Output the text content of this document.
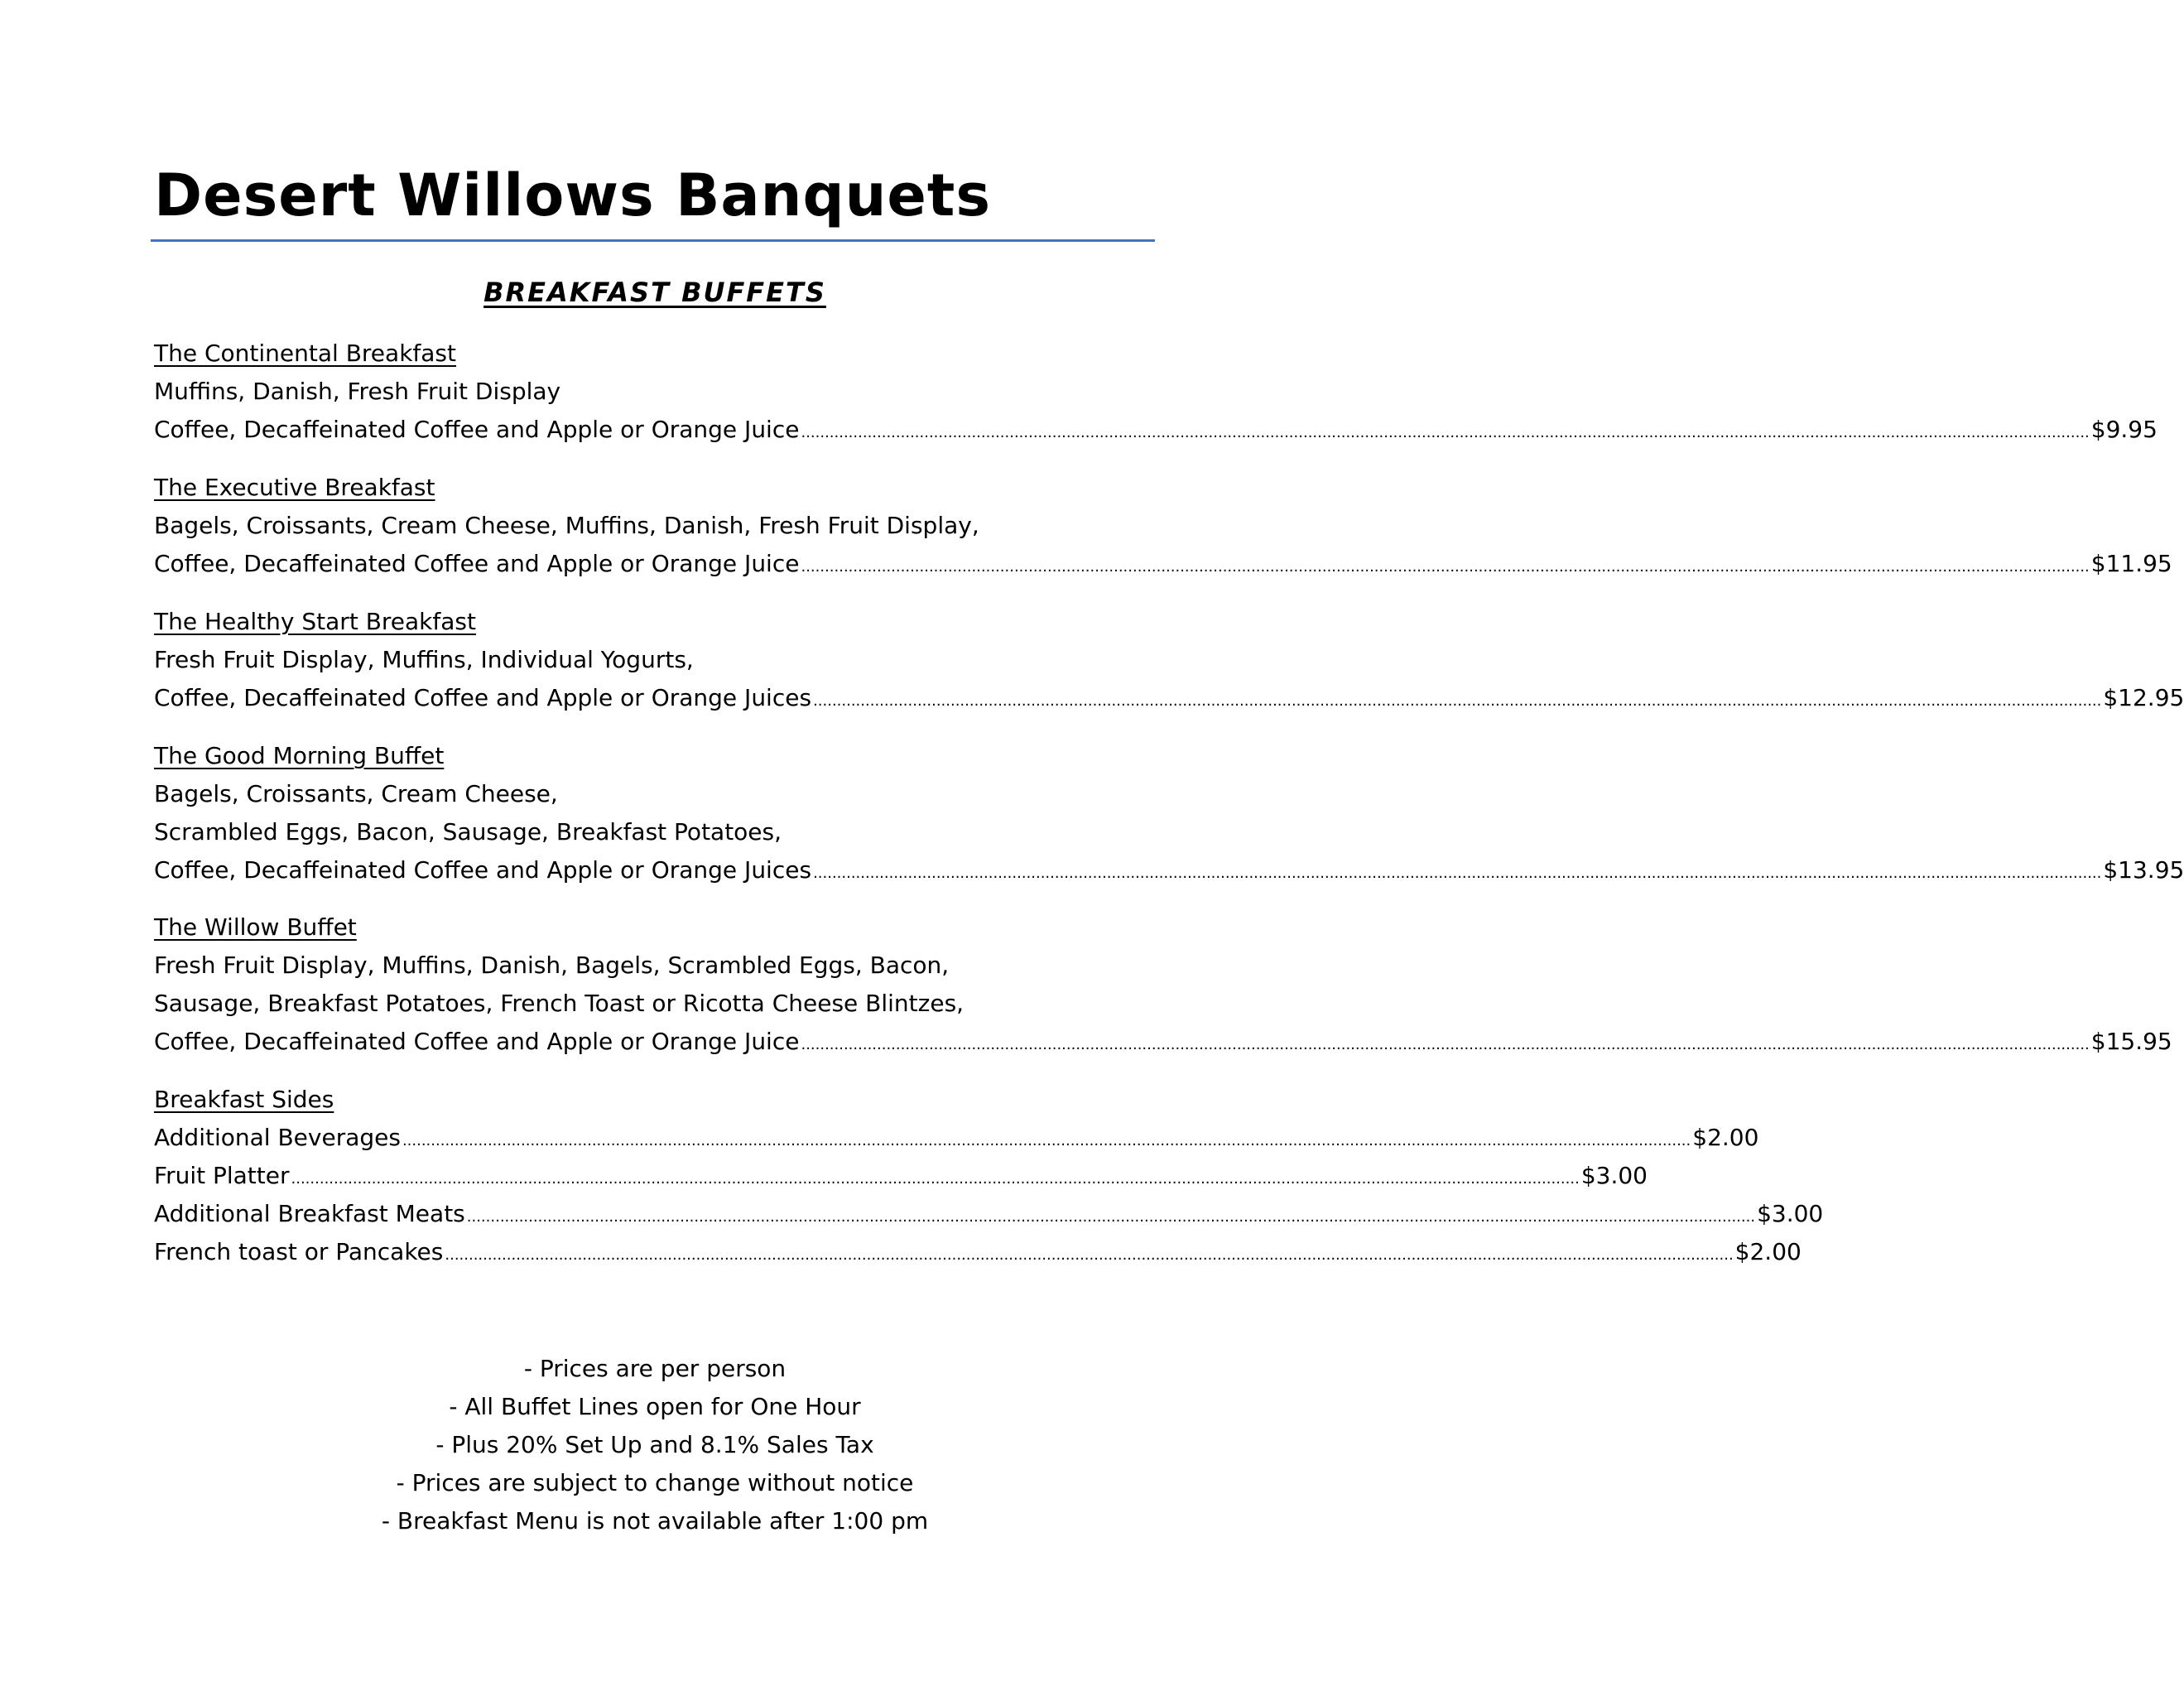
Desert Willows Banquets
BREAKFAST BUFFETS
The Continental Breakfast
Muffins, Danish, Fresh Fruit Display
Coffee, Decaffeinated Coffee and Apple or Orange Juice ................................................................................................................................................................................................................................................................................ $9.95
The Executive Breakfast
Bagels, Croissants, Cream Cheese, Muffins, Danish, Fresh Fruit Display,
Coffee, Decaffeinated Coffee and Apple or Orange Juice ................................................................................................................................................................................................................................................................................ $11.95
The Healthy Start Breakfast
Fresh Fruit Display, Muffins, Individual Yogurts,
Coffee, Decaffeinated Coffee and Apple or Orange Juices ................................................................................................................................................................................................................................................................................ $12.95
The Good Morning Buffet
Bagels, Croissants, Cream Cheese,
Scrambled Eggs, Bacon, Sausage, Breakfast Potatoes,
Coffee, Decaffeinated Coffee and Apple or Orange Juices ................................................................................................................................................................................................................................................................................ $13.95
The Willow Buffet
Fresh Fruit Display, Muffins, Danish, Bagels, Scrambled Eggs, Bacon,
Sausage, Breakfast Potatoes, French Toast or Ricotta Cheese Blintzes,
Coffee, Decaffeinated Coffee and Apple or Orange Juice ................................................................................................................................................................................................................................................................................ $15.95
Breakfast Sides
Additional Beverages ................................................................................................................................................................................................................................................................................ $2.00
Fruit Platter ................................................................................................................................................................................................................................................................................ $3.00
Additional Breakfast Meats ................................................................................................................................................................................................................................................................................ $3.00
French toast or Pancakes ................................................................................................................................................................................................................................................................................ $2.00
- Prices are per person
- All Buffet Lines open for One Hour
- Plus 20% Set Up and 8.1% Sales Tax
- Prices are subject to change without notice
- Breakfast Menu is not available after 1:00 pm
